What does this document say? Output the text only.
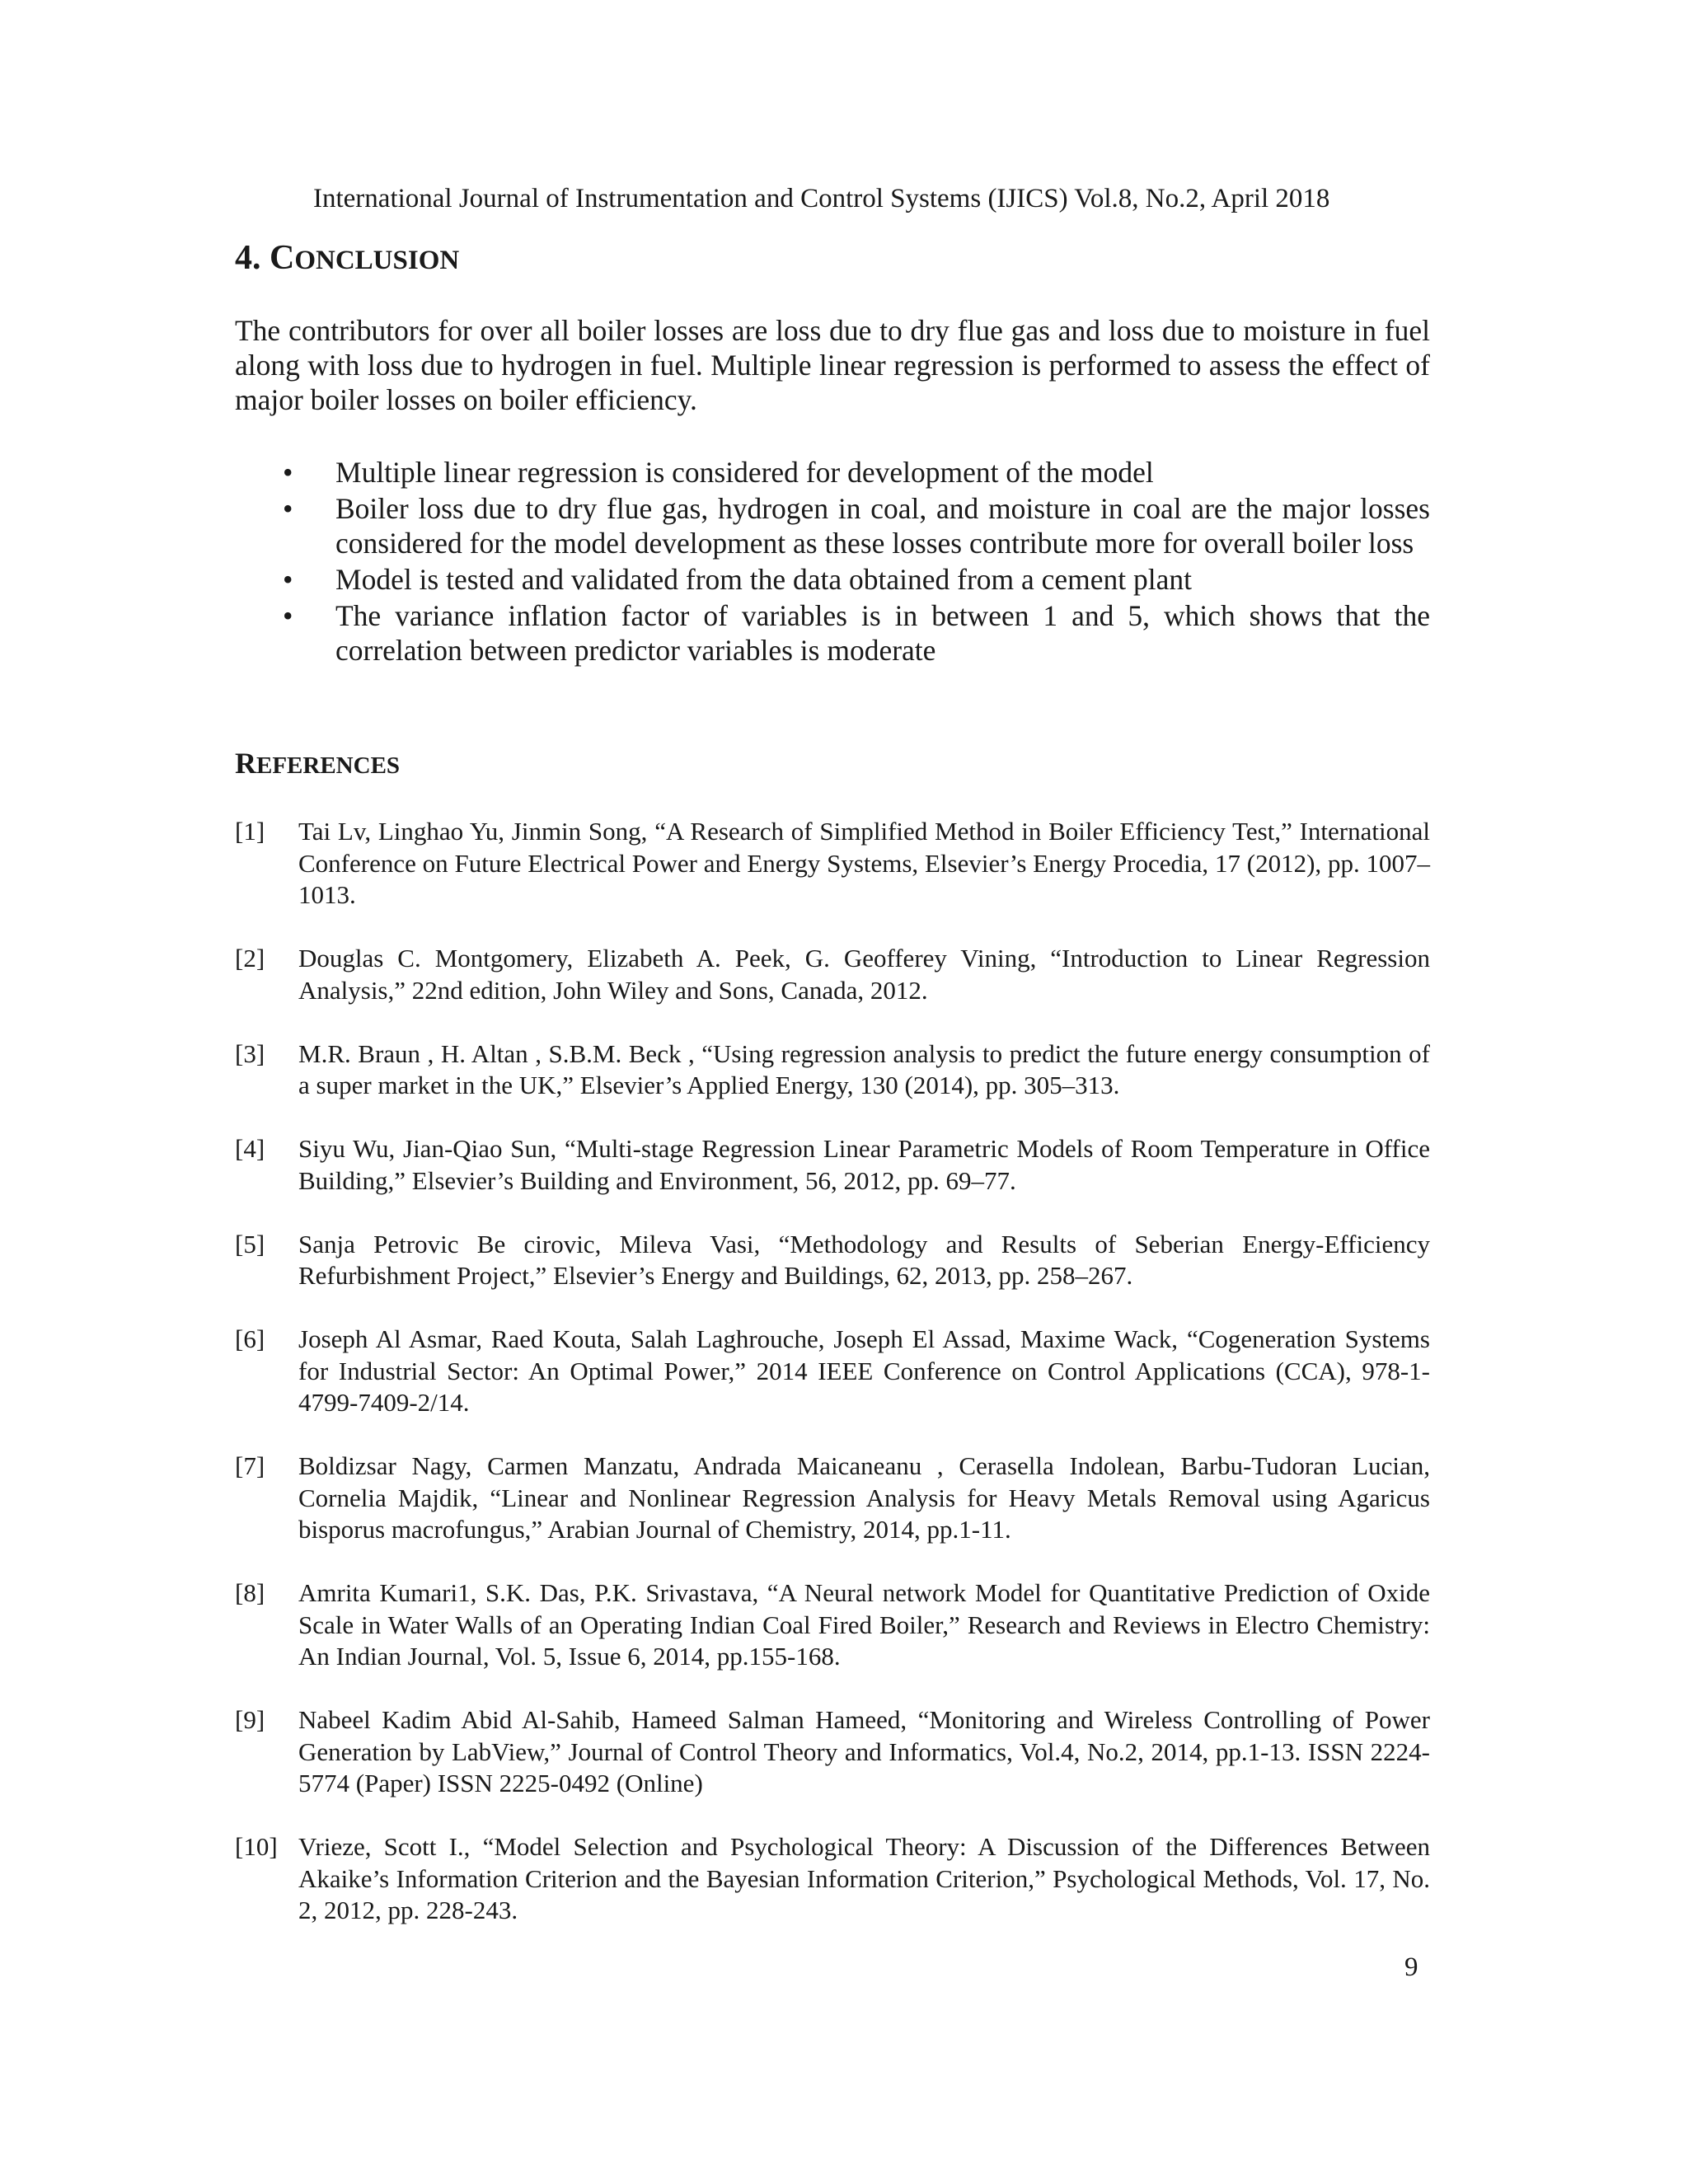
International Journal of Instrumentation and Control Systems (IJICS) Vol.8, No.2, April 2018
4. CONCLUSION

The contributors for over all boiler losses are loss due to dry flue gas and loss due to moisture in fuel along with loss due to hydrogen in fuel. Multiple linear regression is performed to assess the effect of major boiler losses on boiler efficiency.

• Multiple linear regression is considered for development of the model
• Boiler loss due to dry flue gas, hydrogen in coal, and moisture in coal are the major losses considered for the model development as these losses contribute more for overall boiler loss
• Model is tested and validated from the data obtained from a cement plant
• The variance inflation factor of variables is in between 1 and 5, which shows that the correlation between predictor variables is moderate
REFERENCES
[1] Tai Lv, Linghao Yu, Jinmin Song, “A Research of Simplified Method in Boiler Efficiency Test,” International Conference on Future Electrical Power and Energy Systems, Elsevier’s Energy Procedia, 17 (2012), pp. 1007–1013.
[2] Douglas C. Montgomery, Elizabeth A. Peek, G. Geofferey Vining, “Introduction to Linear Regression Analysis,” 22nd edition, John Wiley and Sons, Canada, 2012.
[3] M.R. Braun , H. Altan , S.B.M. Beck , “Using regression analysis to predict the future energy consumption of a super market in the UK,” Elsevier’s Applied Energy, 130 (2014), pp. 305–313.
[4] Siyu Wu, Jian-Qiao Sun, “Multi-stage Regression Linear Parametric Models of Room Temperature in Office Building,” Elsevier’s Building and Environment, 56, 2012, pp. 69–77.
[5] Sanja Petrovic Be cirovic, Mileva Vasi, “Methodology and Results of Seberian Energy-Efficiency Refurbishment Project,” Elsevier’s Energy and Buildings, 62, 2013, pp. 258–267.
[6] Joseph Al Asmar, Raed Kouta, Salah Laghrouche, Joseph El Assad, Maxime Wack, “Cogeneration Systems for Industrial Sector: An Optimal Power,” 2014 IEEE Conference on Control Applications (CCA), 978-1-4799-7409-2/14.
[7] Boldizsar Nagy, Carmen Manzatu, Andrada Maicaneanu , Cerasella Indolean, Barbu-Tudoran Lucian, Cornelia Majdik, “Linear and Nonlinear Regression Analysis for Heavy Metals Removal using Agaricus bisporus macrofungus,” Arabian Journal of Chemistry, 2014, pp.1-11.
[8] Amrita Kumari1, S.K. Das, P.K. Srivastava, “A Neural network Model for Quantitative Prediction of Oxide Scale in Water Walls of an Operating Indian Coal Fired Boiler,” Research and Reviews in Electro Chemistry: An Indian Journal, Vol. 5, Issue 6, 2014, pp.155-168.
[9] Nabeel Kadim Abid Al-Sahib, Hameed Salman Hameed, “Monitoring and Wireless Controlling of Power Generation by LabView,” Journal of Control Theory and Informatics, Vol.4, No.2, 2014, pp.1-13. ISSN 2224-5774 (Paper) ISSN 2225-0492 (Online)
[10] Vrieze, Scott I., “Model Selection and Psychological Theory: A Discussion of the Differences Between Akaike’s Information Criterion and the Bayesian Information Criterion,” Psychological Methods, Vol. 17, No. 2, 2012, pp. 228-243.
9
